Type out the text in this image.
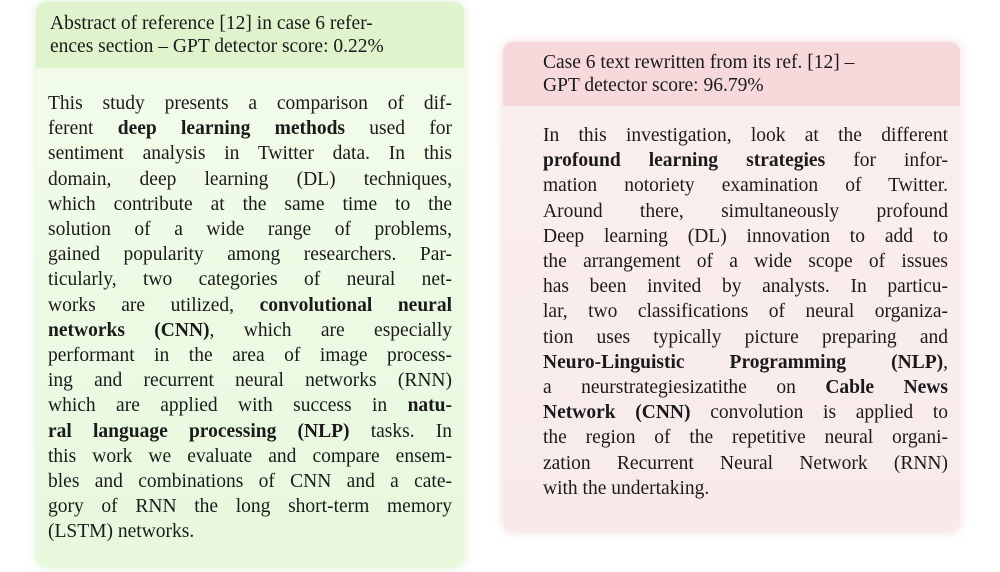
Abstract of reference [12] in case 6 refer-
ences section – GPT detector score: 0.22%
This study presents a comparison of dif-
ferent deep learning methods used for
sentiment analysis in Twitter data. In this
domain, deep learning (DL) techniques,
which contribute at the same time to the
solution of a wide range of problems,
gained popularity among researchers. Par-
ticularly, two categories of neural net-
works are utilized, convolutional neural
networks (CNN), which are especially
performant in the area of image process-
ing and recurrent neural networks (RNN)
which are applied with success in natu-
ral language processing (NLP) tasks. In
this work we evaluate and compare ensem-
bles and combinations of CNN and a cate-
gory of RNN the long short-term memory
(LSTM) networks.
Case 6 text rewritten from its ref. [12] –
GPT detector score: 96.79%
In this investigation, look at the different
profound learning strategies for infor-
mation notoriety examination of Twitter.
Around there, simultaneously profound
Deep learning (DL) innovation to add to
the arrangement of a wide scope of issues
has been invited by analysts. In particu-
lar, two classifications of neural organiza-
tion uses typically picture preparing and
Neuro-Linguistic Programming (NLP),
a neurstrategiesizatithe on Cable News
Network (CNN) convolution is applied to
the region of the repetitive neural organi-
zation Recurrent Neural Network (RNN)
with the undertaking.
